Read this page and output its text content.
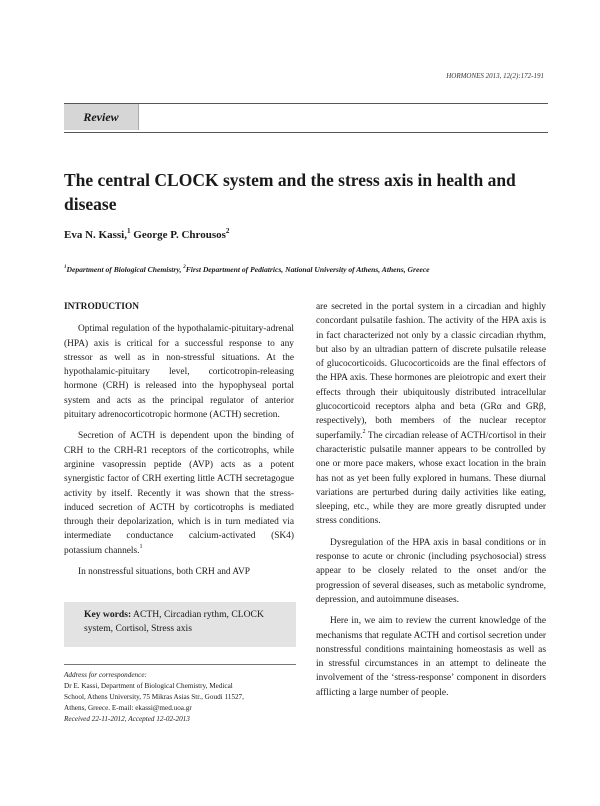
HORMONES 2013, 12(2):172-191
Review
The central CLOCK system and the stress axis in health and disease
Eva N. Kassi,$^1$ George P. Chrousos$^2$
$^1$Department of Biological Chemistry, $^2$First Department of Pediatrics, National University of Athens, Athens, Greece
INTRODUCTION

Optimal regulation of the hypothalamic-pituitary-adrenal (HPA) axis is critical for a successful response to any stressor as well as in non-stressful situations. At the hypothalamic-pituitary level, corticotropin-releasing hormone (CRH) is released into the hypophyseal portal system and acts as the principal regulator of anterior pituitary adrenocorticotropic hormone (ACTH) secretion.

Secretion of ACTH is dependent upon the binding of CRH to the CRH-R1 receptors of the corticotrophs, while arginine vasopressin peptide (AVP) acts as a potent synergistic factor of CRH exerting little ACTH secretagogue activity by itself. Recently it was shown that the stress-induced secretion of ACTH by corticotrophs is mediated through their depolarization, which is in turn mediated via intermediate conductance calcium-activated (SK4) potassium channels.$^1$

In nonstressful situations, both CRH and AVP

Key words: ACTH, Circadian rythm, CLOCK system, Cortisol, Stress axis
Address for correspondence:
Dr E. Kassi, Department of Biological Chemistry, Medical
School, Athens University, 75 Mikras Asias Str., Goudi 11527,
Athens, Greece. E-mail: ekassi@med.uoa.gr
Received 22-11-2012, Accepted 12-02-2013

are secreted in the portal system in a circadian and highly concordant pulsatile fashion. The activity of the HPA axis is in fact characterized not only by a classic circadian rhythm, but also by an ultradian pattern of discrete pulsatile release of glucocorticoids. Glucocorticoids are the final effectors of the HPA axis. These hormones are pleiotropic and exert their effects through their ubiquitously distributed intracellular glucocorticoid receptors alpha and beta (GRα and GRβ, respectively), both members of the nuclear receptor superfamily.$^2$ The circadian release of ACTH/cortisol in their characteristic pulsatile manner appears to be controlled by one or more pace makers, whose exact location in the brain has not as yet been fully explored in humans. These diurnal variations are perturbed during daily activities like eating, sleeping, etc., while they are more greatly disrupted under stress conditions.

Dysregulation of the HPA axis in basal conditions or in response to acute or chronic (including psychosocial) stress appear to be closely related to the onset and/or the progression of several diseases, such as metabolic syndrome, depression, and autoimmune diseases.

Here in, we aim to review the current knowledge of the mechanisms that regulate ACTH and cortisol secretion under nonstressful conditions maintaining homeostasis as well as in stressful circumstances in an attempt to delineate the involvement of the ‘stress-response’ component in disorders afflicting a large number of people.
